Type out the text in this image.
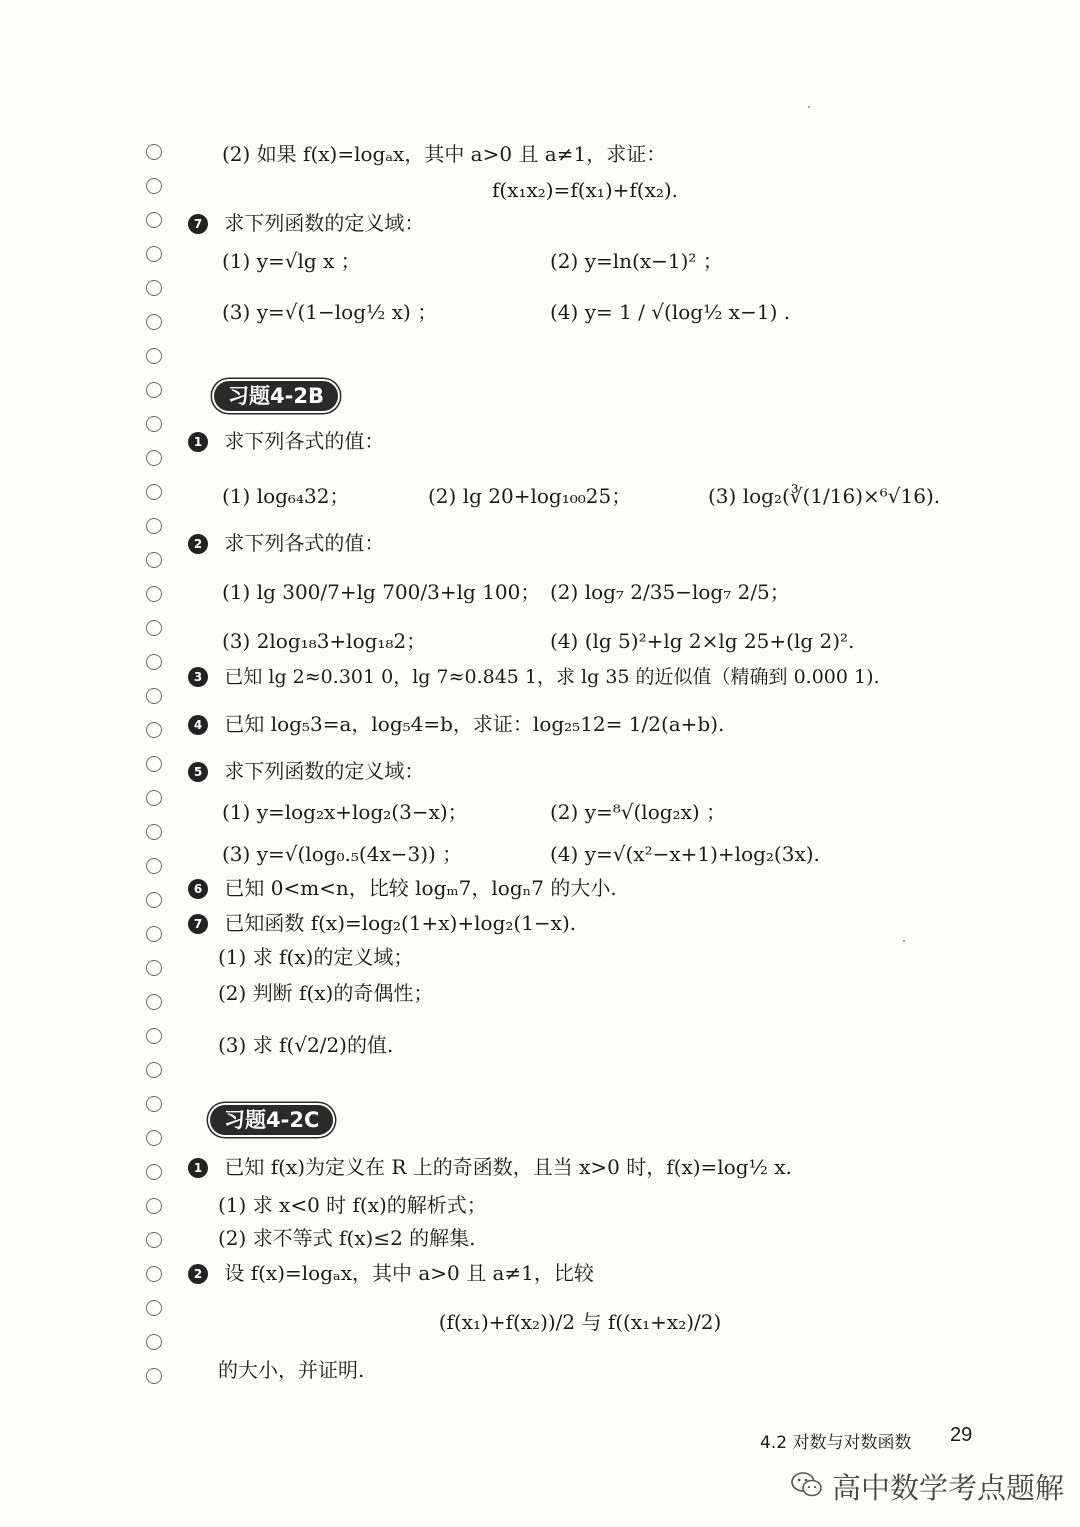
(2) 如果 f(x)=logₐx，其中 a>0 且 a≠1，求证：
f(x₁x₂)=f(x₁)+f(x₂).
7 求下列函数的定义域：
(1) y=√lg x ；	(2) y=ln(x−1)² ；
(3) y=√(1−log½ x) ；	(4) y= 1 / √(log½ x−1) .
习题4-2B
1 求下列各式的值：
(1) log₆₄32；	(2) lg 20+log₁₀₀25；	(3) log₂(∛(1/16)×⁶√16).
2 求下列各式的值：
(1) lg 300/7+lg 700/3+lg 100； (2) log₇ 2/35−log₇ 2/5；
(3) 2log₁₈3+log₁₈2；	(4) (lg 5)²+lg 2×lg 25+(lg 2)².
3 已知 lg 2≈0.301 0，lg 7≈0.845 1，求 lg 35 的近似值（精确到 0.000 1).
4 已知 log₅3=a，log₅4=b，求证：log₂₅12= 1/2(a+b).
5 求下列函数的定义域：
(1) y=log₂x+log₂(3−x)；	(2) y=⁸√(log₂x) ；
(3) y=√(log₀.₅(4x−3)) ；	(4) y=√(x²−x+1)+log₂(3x).
6 已知 0<m<n，比较 logₘ7，logₙ7 的大小.
7 已知函数 f(x)=log₂(1+x)+log₂(1−x).
(1) 求 f(x)的定义域；
(2) 判断 f(x)的奇偶性；
(3) 求 f(√2/2)的值.
习题4-2C
1 已知 f(x)为定义在 R 上的奇函数，且当 x>0 时，f(x)=log½ x.
(1) 求 x<0 时 f(x)的解析式；
(2) 求不等式 f(x)≤2 的解集.
2 设 f(x)=logₐx，其中 a>0 且 a≠1，比较
(f(x₁)+f(x₂))/2 与 f((x₁+x₂)/2)
的大小，并证明.
4.2 对数与对数函数 29
高中数学考点题解
